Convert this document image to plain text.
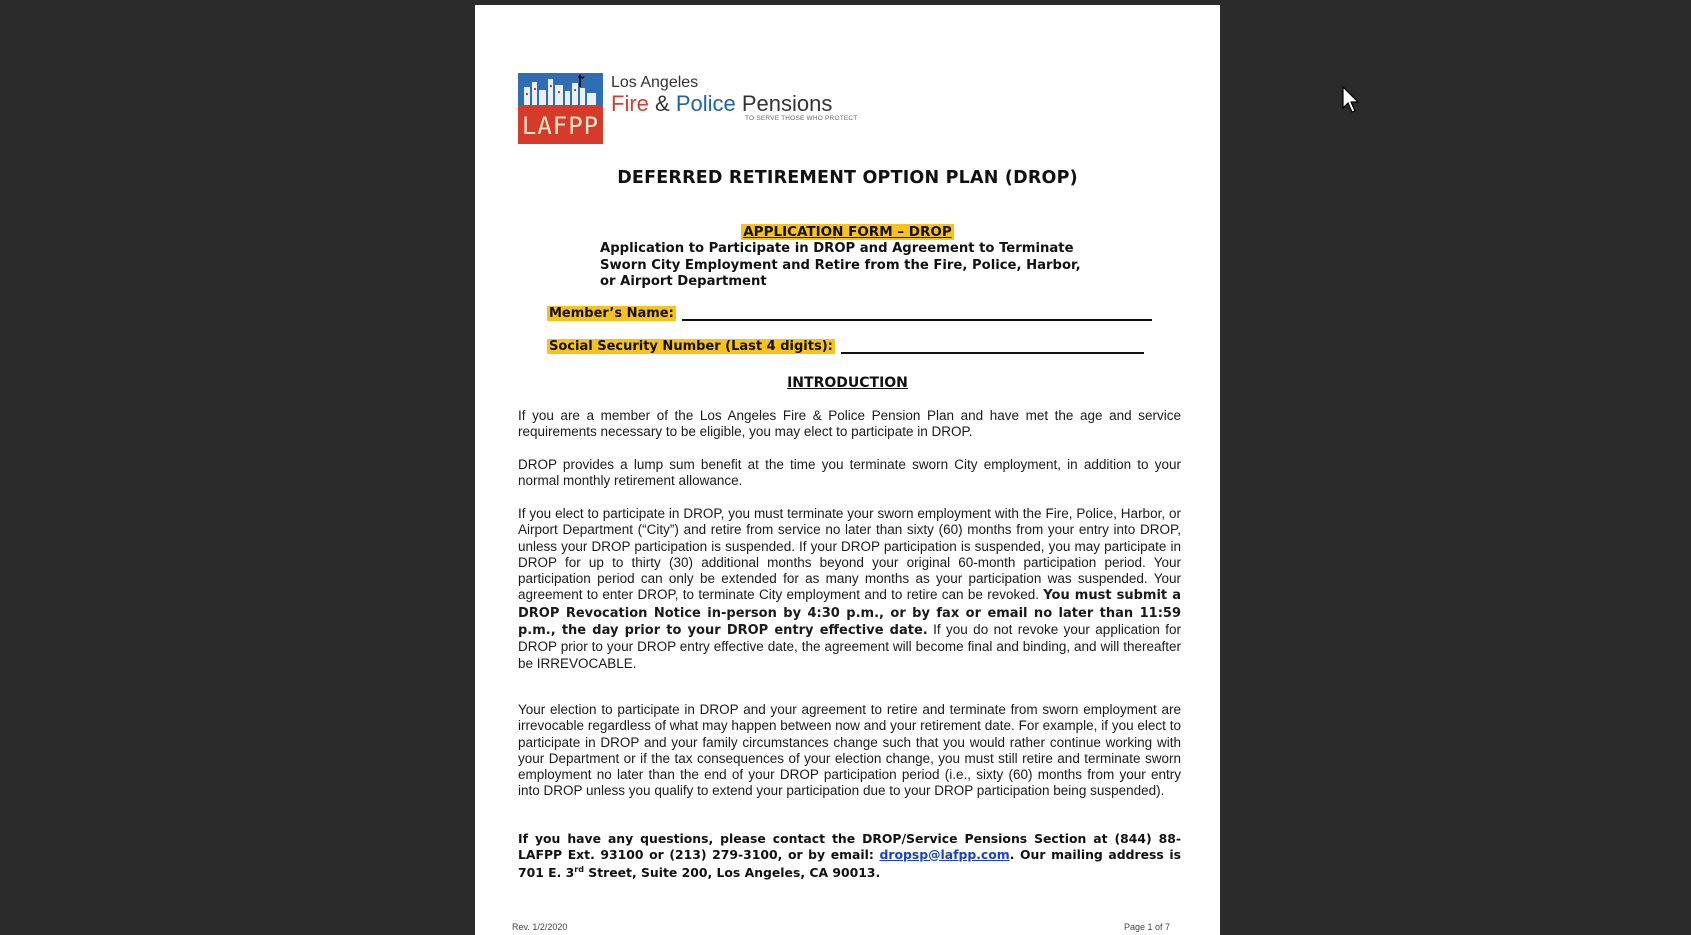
LAFPP
Los Angeles
Fire & Police Pensions
TO SERVE THOSE WHO PROTECT
DEFERRED RETIREMENT OPTION PLAN (DROP)
APPLICATION FORM – DROP
Application to Participate in DROP and Agreement to Terminate Sworn City Employment and Retire from the Fire, Police, Harbor, or Airport Department
Member’s Name:
Social Security Number (Last 4 digits):
INTRODUCTION
If you are a member of the Los Angeles Fire & Police Pension Plan and have met the age and service requirements necessary to be eligible, you may elect to participate in DROP.
DROP provides a lump sum benefit at the time you terminate sworn City employment, in addition to your normal monthly retirement allowance.
If you elect to participate in DROP, you must terminate your sworn employment with the Fire, Police, Harbor, or Airport Department (“City”) and retire from service no later than sixty (60) months from your entry into DROP, unless your DROP participation is suspended. If your DROP participation is suspended, you may participate in DROP for up to thirty (30) additional months beyond your original 60-month participation period. Your participation period can only be extended for as many months as your participation was suspended. Your agreement to enter DROP, to terminate City employment and to retire can be revoked. You must submit a DROP Revocation Notice in-person by 4:30 p.m., or by fax or email no later than 11:59 p.m., the day prior to your DROP entry effective date. If you do not revoke your application for DROP prior to your DROP entry effective date, the agreement will become final and binding, and will thereafter be IRREVOCABLE.
Your election to participate in DROP and your agreement to retire and terminate from sworn employment are irrevocable regardless of what may happen between now and your retirement date. For example, if you elect to participate in DROP and your family circumstances change such that you would rather continue working with your Department or if the tax consequences of your election change, you must still retire and terminate sworn employment no later than the end of your DROP participation period (i.e., sixty (60) months from your entry into DROP unless you qualify to extend your participation due to your DROP participation being suspended).
If you have any questions, please contact the DROP/Service Pensions Section at (844) 88-LAFPP Ext. 93100 or (213) 279-3100, or by email: dropsp@lafpp.com. Our mailing address is 701 E. 3rd Street, Suite 200, Los Angeles, CA 90013.
Rev. 1/2/2020	Page 1 of 7
